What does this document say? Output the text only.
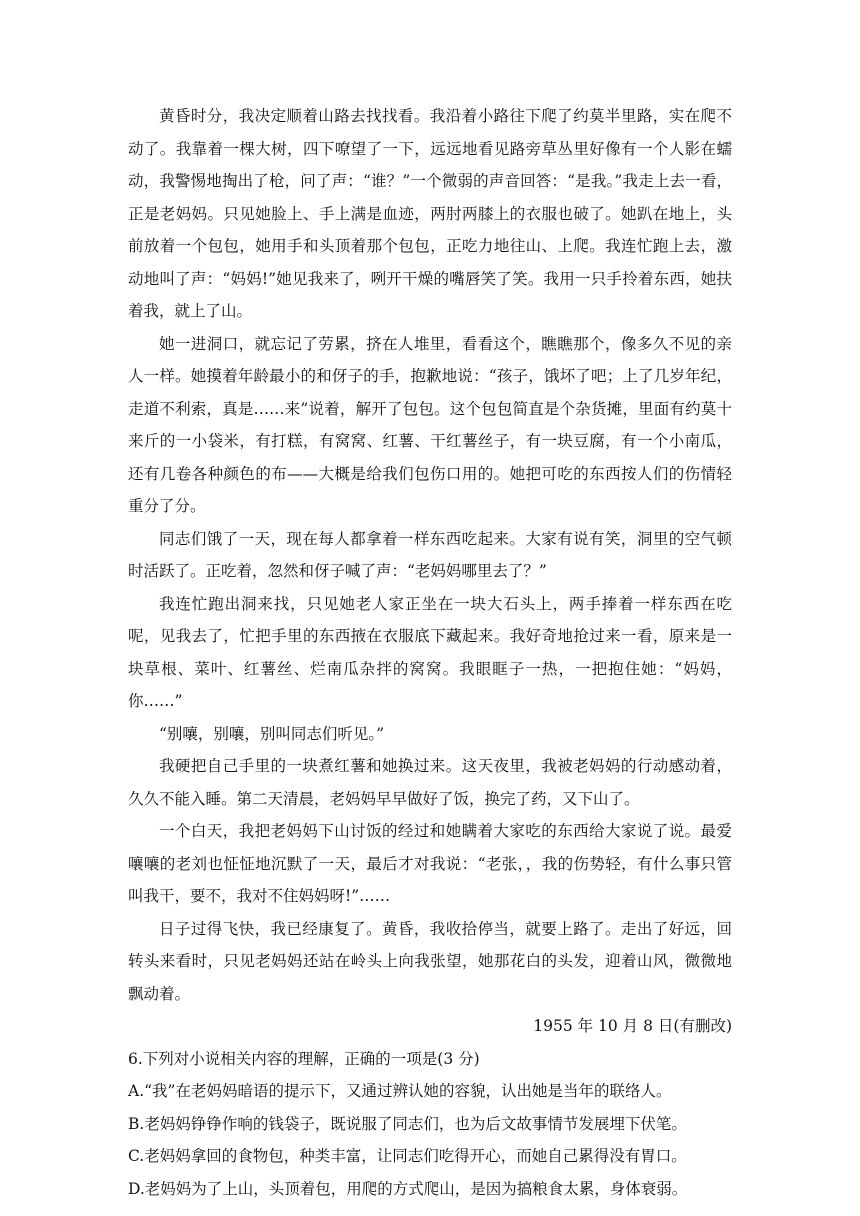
黄昏时分，我决定顺着山路去找找看。我沿着小路往下爬了约莫半里路，实在爬不动了。我靠着一棵大树，四下嘹望了一下，远远地看见路旁草丛里好像有一个人影在蠕动，我警惕地掏出了枪，问了声：“谁？”一个微弱的声音回答：“是我。”我走上去一看，正是老妈妈。只见她脸上、手上满是血迹，两肘两膝上的衣服也破了。她趴在地上，头前放着一个包包，她用手和头顶着那个包包，正吃力地往山、上爬。我连忙跑上去，激动地叫了声：“妈妈!”她见我来了，咧开干燥的嘴唇笑了笑。我用一只手拎着东西，她扶着我，就上了山。

她一进洞口，就忘记了劳累，挤在人堆里，看看这个，瞧瞧那个，像多久不见的亲人一样。她摸着年龄最小的和伢子的手，抱歉地说：“孩子，饿坏了吧；上了几岁年纪，走道不利索，真是……来”说着，解开了包包。这个包包简直是个杂货摊，里面有约莫十来斤的一小袋米，有打糕，有窝窝、红薯、干红薯丝子，有一块豆腐，有一个小南瓜，还有几卷各种颜色的布——大概是给我们包伤口用的。她把可吃的东西按人们的伤情轻重分了分。

同志们饿了一天，现在每人都拿着一样东西吃起来。大家有说有笑，洞里的空气顿时活跃了。正吃着，忽然和伢子喊了声：“老妈妈哪里去了？”

我连忙跑出洞来找，只见她老人家正坐在一块大石头上，两手捧着一样东西在吃呢，见我去了，忙把手里的东西掖在衣服底下藏起来。我好奇地抢过来一看，原来是一块草根、菜叶、红薯丝、烂南瓜杂拌的窝窝。我眼眶子一热，一把抱住她：“妈妈，你……”

“别嚷，别嚷，别叫同志们听见。”

我硬把自己手里的一块煮红薯和她换过来。这天夜里，我被老妈妈的行动感动着，久久不能入睡。第二天清晨，老妈妈早早做好了饭，换完了药，又下山了。

一个白天，我把老妈妈下山讨饭的经过和她瞒着大家吃的东西给大家说了说。最爱嚷嚷的老刘也怔怔地沉默了一天，最后才对我说：“老张，，我的伤势轻，有什么事只管叫我干，要不，我对不住妈妈呀!”……

日子过得飞快，我已经康复了。黄昏，我收拾停当，就要上路了。走出了好远，回转头来看时，只见老妈妈还站在岭头上向我张望，她那花白的头发，迎着山风，微微地飘动着。

1955 年 10 月 8 日(有删改)

6.下列对小说相关内容的理解，正确的一项是(3 分)

A.“我”在老妈妈暗语的提示下，又通过辨认她的容貌，认出她是当年的联络人。

B.老妈妈铮铮作响的钱袋子，既说服了同志们，也为后文故事情节发展埋下伏笔。

C.老妈妈拿回的食物包，种类丰富，让同志们吃得开心，而她自己累得没有胃口。

D.老妈妈为了上山，头顶着包，用爬的方式爬山，是因为搞粮食太累，身体衰弱。
